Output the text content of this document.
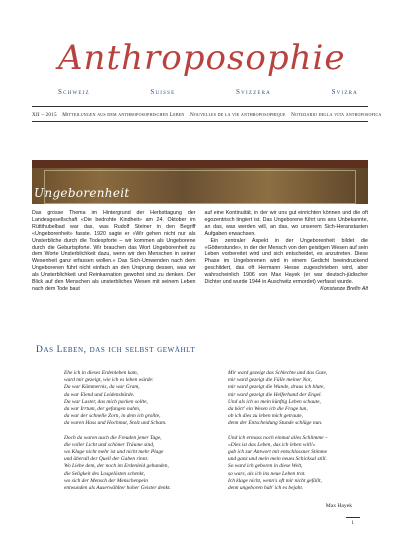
Anthroposophie
Schweiz	Suisse	Svizzera	Svizra
XII – 2015 Mitteilungen aus dem anthroposophischen Leben Nouvelles de la vie anthroposophique Notiziario della vita antroposofica
Ungeborenheit

Das grosse Thema im Hintergrund der Herbsttagung der Landesgesellschaft «Die bedrohte Kindheit» am 24. Oktober im Rüttihubelbad war das, was Rudolf Steiner in den Begriff «Ungeborenheit» fasste. 1920 sagte er «Wir gehen nicht nur als Unsterbliche durch die Todespforte – wir kommen als Ungeborene durch die Geburtspforte. Wir brauchen das Wort Ungeborenheit zu dem Worte Unsterblichkeit dazu, wenn wir den Menschen in seiner Wesenheit ganz erfassen wollen.» Das Sich-Umwenden nach dem Ungeborenen führt nicht einfach an den Ursprung dessen, was wir als Unsterblichkeit und Reinkarnation gewohnt sind zu denken. Der Blick auf den Menschen als unsterbliches Wesen mit seinem Leben nach dem Tode baut

auf eine Kontinuität, in der wir uns gut einrichten können und die oft egozentrisch tingiert ist. Das Ungeborene führt uns ans Unbekannte, an das, was werden will, an das, wo unserem Sich-Heranstasten Aufgaben erwachsen.

Ein zentraler Aspekt in der Ungeborenheit bildet die «Götterstunde», in der der Mensch von den geistigen Wesen auf sein Leben vorbereitet wird und sich entscheidet, es anzutreten. Diese Phase im Ungeborenen wird in einem Gedicht beeindruckend geschildert, das oft Hermann Hesse zugeschrieben wird, aber wahrscheinlich 1906 von Max Hayek (er war deutsch-jüdischer Dichter und wurde 1944 in Auschwitz ermordet) verfasst wurde.

Konstanze Brefin Alt

Das Leben, das ich selbst gewählt
Ehe ich in dieses Erdenleben kam,
ward mir gezeigt, wie ich es leben würde:
Da war Kümmernis, da war Gram,
da war Elend und Leidensbürde.
Da war Laster, das mich packen sollte,
da war Irrtum, der gefangen nahm,
da war der schnelle Zorn, in dem ich grollte,
da waren Hass und Hochmut, Stolz und Scham.
Doch da waren auch die Freuden jener Tage,
die voller Licht und schöner Träume sind,
wo Klage nicht mehr ist und nicht mehr Plage
und überall der Quell der Gaben rinnt.
Wo Liebe dem, der noch im Erdenleid gebunden,
die Seligkeit des Losgelösten schenkt,
wo sich der Mensch der Menschenpein
entwunden als Auserwählter hoher Geister denkt.
Mir ward gezeigt das Schlechte und das Gute,
mir ward gezeigt die Fülle meiner Not,
mir ward gezeigt die Wunde, draus ich blute,
mir ward gezeigt die Helferhand der Engel.
Und als ich so mein künftig Leben schaute,
da hört' ein Wesen ich die Frage tun,
ob ich dies zu leben mich getraute,
denn der Entscheidung Stunde schlüge nun.
Und ich ermass noch einmal alles Schlimme –
«Dies ist das Leben, das ich leben will!»
gab ich zur Antwort mit entschlossner Stimme
und ganz und mein mein neues Schicksal still.
So ward ich geboren in diese Welt,
so wars, als ich ins neue Leben trat.
Ich klage nicht, wenn's oft mir nicht gefällt,
denn ungeboren hab' ich es bejaht.
Max Hayek
1
